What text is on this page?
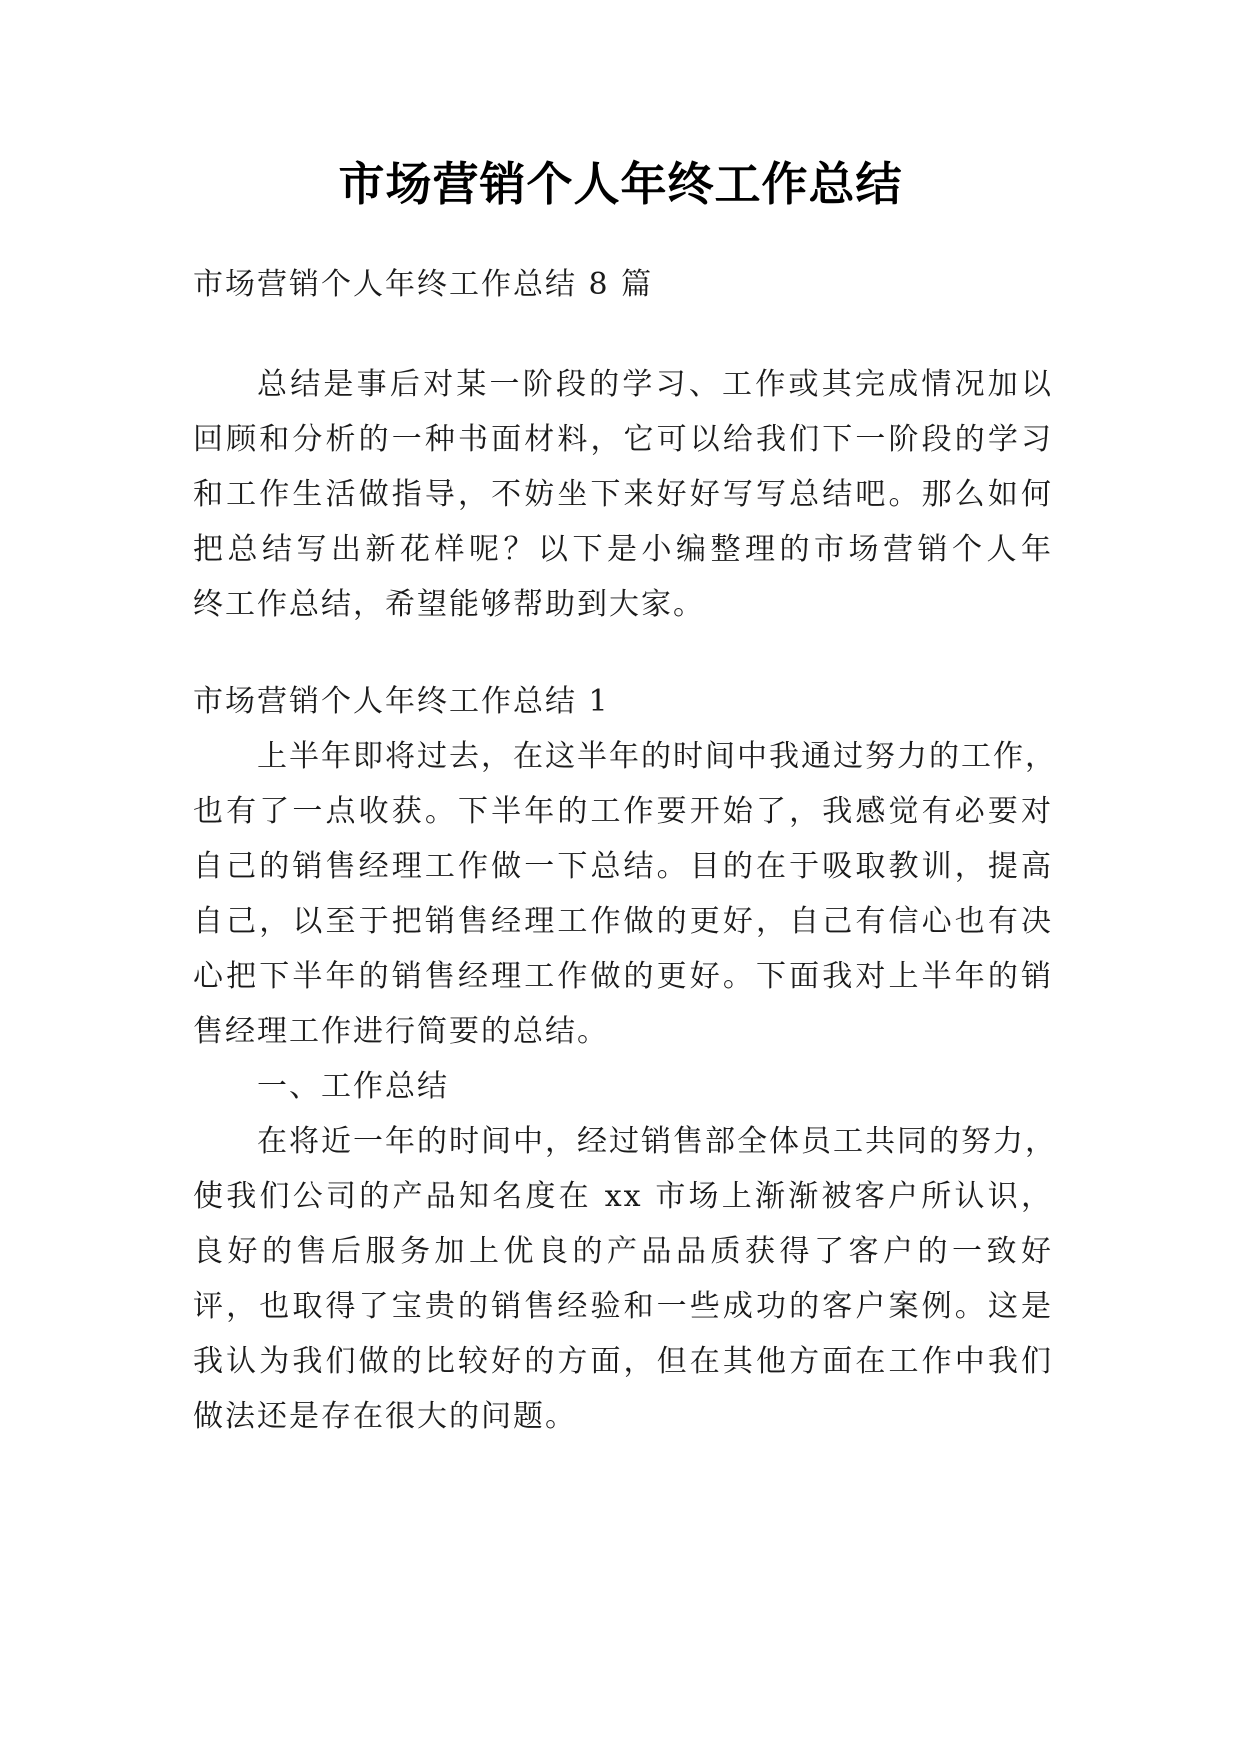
市场营销个人年终工作总结
市场营销个人年终工作总结 8 篇
总结是事后对某一阶段的学习、工作或其完成情况加以
回顾和分析的一种书面材料，它可以给我们下一阶段的学习
和工作生活做指导，不妨坐下来好好写写总结吧。那么如何
把总结写出新花样呢？以下是小编整理的市场营销个人年
终工作总结，希望能够帮助到大家。
市场营销个人年终工作总结 1
上半年即将过去，在这半年的时间中我通过努力的工作，
也有了一点收获。下半年的工作要开始了，我感觉有必要对
自己的销售经理工作做一下总结。目的在于吸取教训，提高
自己，以至于把销售经理工作做的更好，自己有信心也有决
心把下半年的销售经理工作做的更好。下面我对上半年的销
售经理工作进行简要的总结。
一、工作总结
在将近一年的时间中，经过销售部全体员工共同的努力，
使我们公司的产品知名度在 xx 市场上渐渐被客户所认识，
良好的售后服务加上优良的产品品质获得了客户的一致好
评，也取得了宝贵的销售经验和一些成功的客户案例。这是
我认为我们做的比较好的方面，但在其他方面在工作中我们
做法还是存在很大的问题。
